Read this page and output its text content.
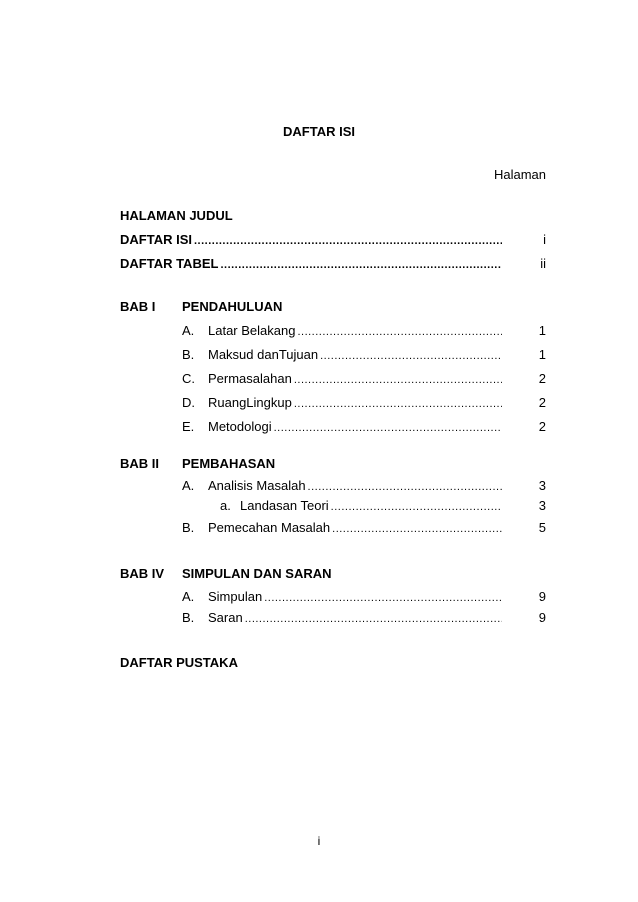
DAFTAR ISI
Halaman
HALAMAN JUDUL
DAFTAR ISI .....	i
DAFTAR TABEL .....	ii
BAB I PENDAHULUAN
A. Latar Belakang .....	1
B. Maksud danTujuan .....	1
C. Permasalahan .....	2
D. RuangLingkup .....	2
E. Metodologi .....	2
BAB II PEMBAHASAN
A. Analisis Masalah .....	3
a. Landasan Teori .....	3
B. Pemecahan Masalah .....	5
BAB IV SIMPULAN DAN SARAN
A. Simpulan .....	9
B. Saran .....	9
DAFTAR PUSTAKA
i
